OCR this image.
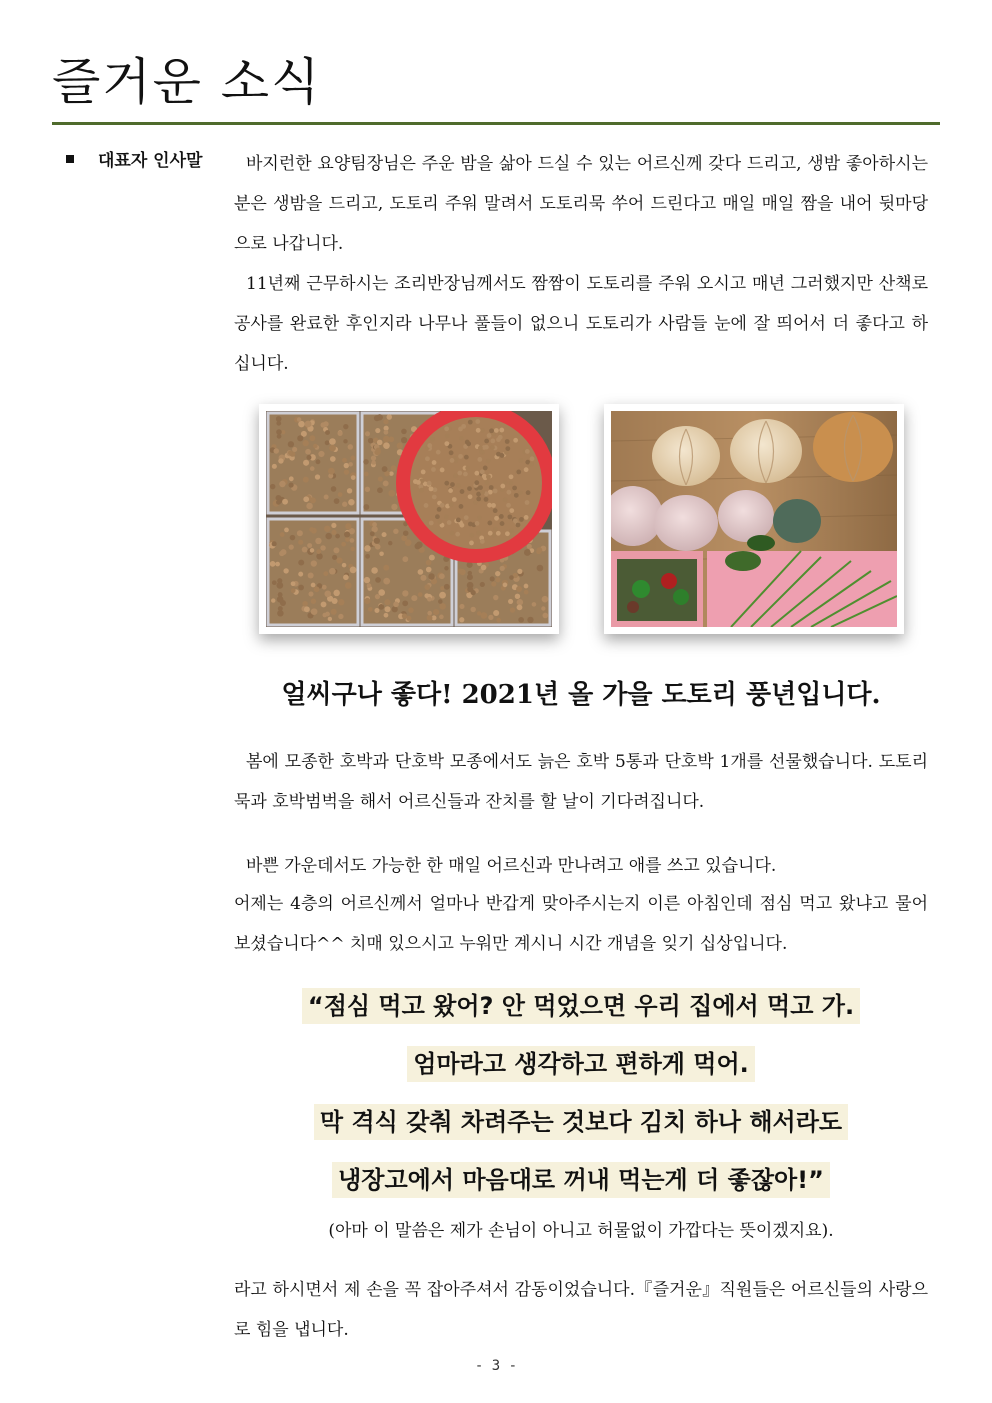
즐거운 소식
대표자 인사말	바지런한 요양팀장님은 주운 밤을 삶아 드실 수 있는 어르신께 갖다 드리고, 생밤 좋아하시는 분은 생밤을 드리고, 도토리 주워 말려서 도토리묵 쑤어 드린다고 매일 매일 짬을 내어 뒷마당으로 나갑니다.

11년째 근무하시는 조리반장님께서도 짬짬이 도토리를 주워 오시고 매년 그러했지만 산책로 공사를 완료한 후인지라 나무나 풀들이 없으니 도토리가 사람들 눈에 잘 띄어서 더 좋다고 하십니다.

얼씨구나 좋다! 2021년 올 가을 도토리 풍년입니다.

봄에 모종한 호박과 단호박 모종에서도 늙은 호박 5통과 단호박 1개를 선물했습니다. 도토리묵과 호박범벅을 해서 어르신들과 잔치를 할 날이 기다려집니다.

바쁜 가운데서도 가능한 한 매일 어르신과 만나려고 애를 쓰고 있습니다.

어제는 4층의 어르신께서 얼마나 반갑게 맞아주시는지 이른 아침인데 점심 먹고 왔냐고 물어보셨습니다^^ 치매 있으시고 누워만 계시니 시간 개념을 잊기 십상입니다.

“점심 먹고 왔어? 안 먹었으면 우리 집에서 먹고 가.
엄마라고 생각하고 편하게 먹어.
막 격식 갖춰 차려주는 것보다 김치 하나 해서라도
냉장고에서 마음대로 꺼내 먹는게 더 좋잖아!”
(아마 이 말씀은 제가 손님이 아니고 허물없이 가깝다는 뜻이겠지요).

라고 하시면서 제 손을 꼭 잡아주셔서 감동이었습니다.『즐거운』직원들은 어르신들의 사랑으로 힘을 냅니다.

- 3 -
